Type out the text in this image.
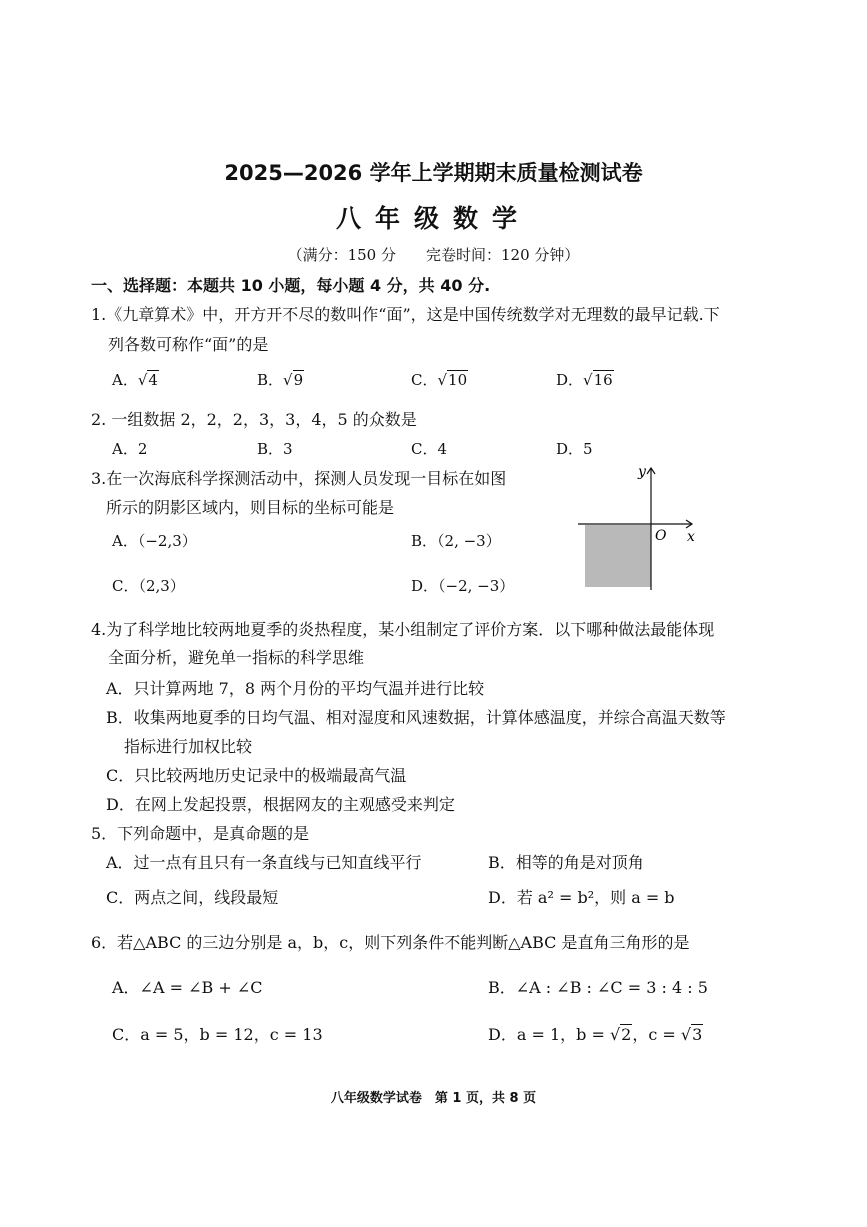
2025—2026 学年上学期期末质量检测试卷
八年级数学
（满分：150 分　　完卷时间：120 分钟）
一、选择题：本题共 10 小题，每小题 4 分，共 40 分.
1.《九章算术》中，开方开不尽的数叫作“面”，这是中国传统数学对无理数的最早记载.下
列各数可称作“面”的是
A．√4	B．√9	C．√10	D．√16
2. 一组数据 2，2，2，3，3，4，5 的众数是
A．2	B．3	C．4	D．5
3.在一次海底科学探测活动中，探测人员发现一目标在如图
所示的阴影区域内，则目标的坐标可能是
A．（−2,3）	B．（2, −3）
C．（2,3）	D．（−2, −3）
y
x
O
4.为了科学地比较两地夏季的炎热程度，某小组制定了评价方案．以下哪种做法最能体现
全面分析，避免单一指标的科学思维
A．只计算两地 7，8 两个月份的平均气温并进行比较
B．收集两地夏季的日均气温、相对湿度和风速数据，计算体感温度，并综合高温天数等
指标进行加权比较
C．只比较两地历史记录中的极端最高气温
D．在网上发起投票，根据网友的主观感受来判定
5．下列命题中，是真命题的是
A．过一点有且只有一条直线与已知直线平行	B．相等的角是对顶角
C．两点之间，线段最短	D．若 a² = b²，则 a = b
6．若△ABC 的三边分别是 a，b，c，则下列条件不能判断△ABC 是直角三角形的是
A．∠A = ∠B + ∠C	B．∠A : ∠B : ∠C = 3 : 4 : 5
C．a = 5，b = 12，c = 13	D．a = 1，b = √2，c = √3
八年级数学试卷　第 1 页，共 8 页
